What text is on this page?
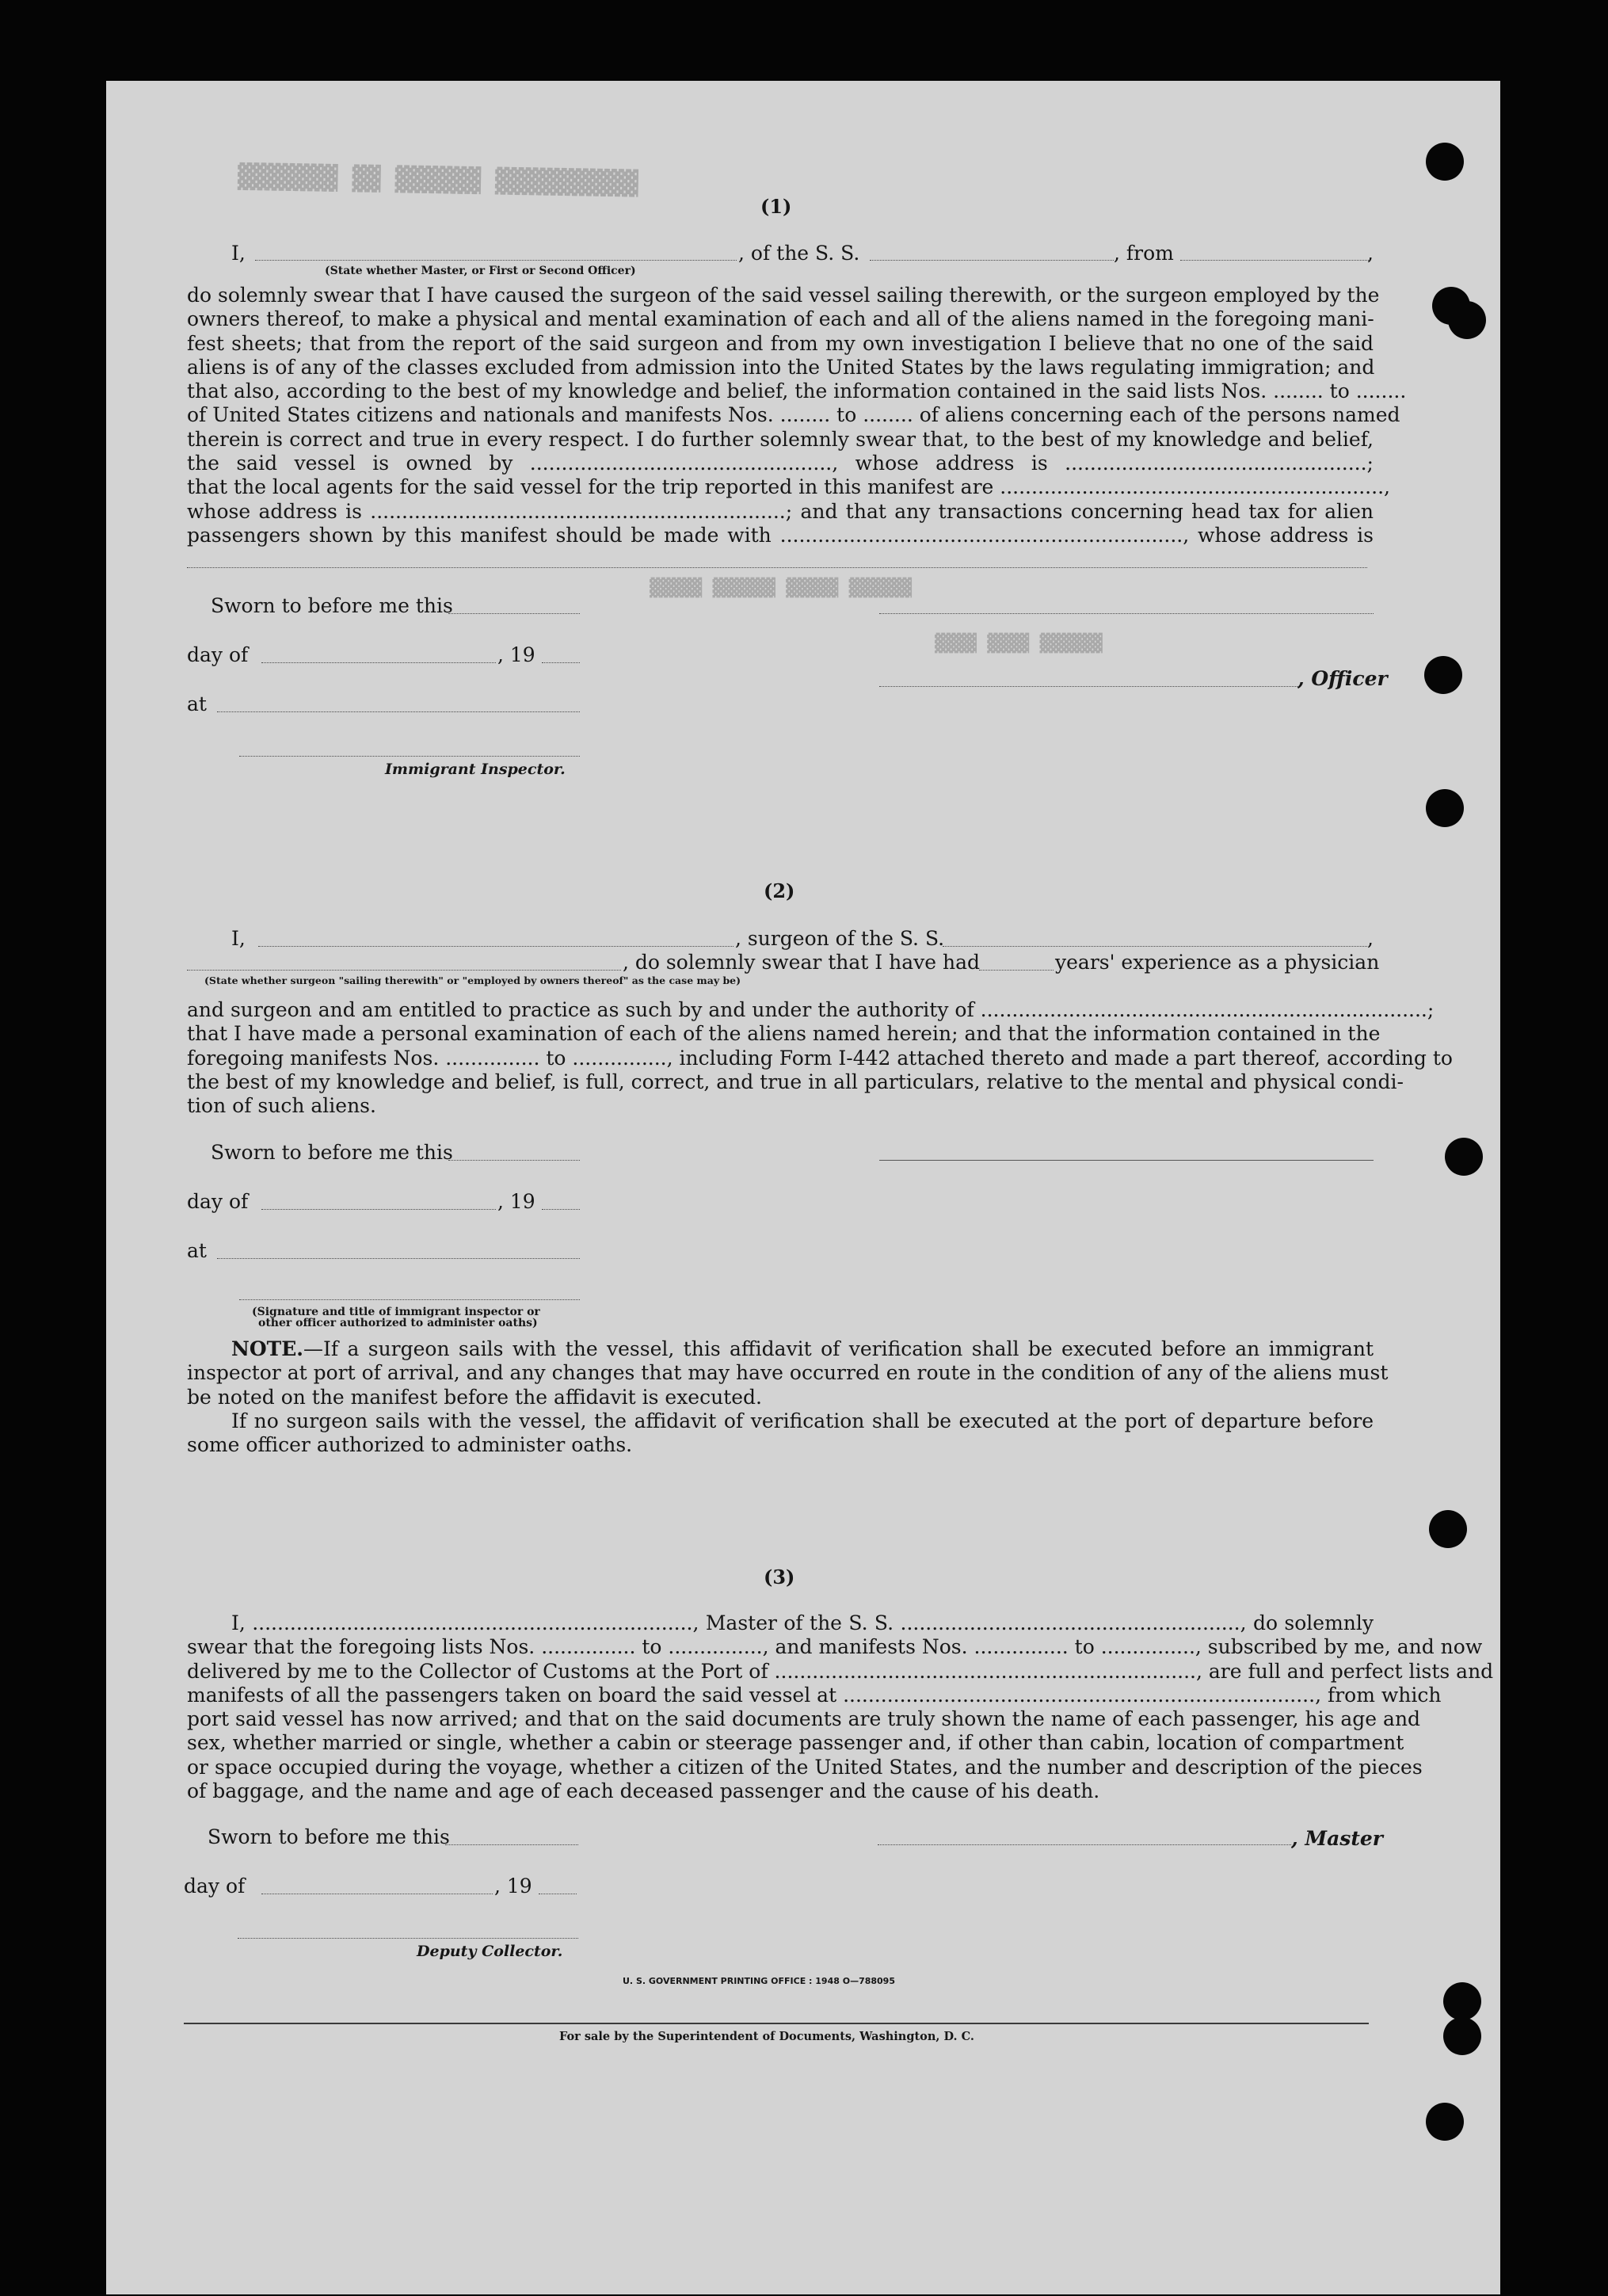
▓▓▓▓▓▓▓ ▓▓ ▓▓▓▓▓▓ ▓▓▓▓▓▓▓▓▓▓
▓▓▓▓▓ ▓▓▓▓▓▓ ▓▓▓▓▓ ▓▓▓▓▓▓
▓▓▓▓ ▓▓▓▓ ▓▓▓▓▓▓
(1)
I,	, of the S. S.	, from	,
(State whether Master, or First or Second Officer)
do solemnly swear that I have caused the surgeon of the said vessel sailing therewith, or the surgeon employed by the
owners thereof, to make a physical and mental examination of each and all of the aliens named in the foregoing mani-
fest sheets; that from the report of the said surgeon and from my own investigation I believe that no one of the said
aliens is of any of the classes excluded from admission into the United States by the laws regulating immigration; and
that also, according to the best of my knowledge and belief, the information contained in the said lists Nos. ........ to ........
of United States citizens and nationals and manifests Nos. ........ to ........ of aliens concerning each of the persons named
therein is correct and true in every respect. I do further solemnly swear that, to the best of my knowledge and belief,
the said vessel is owned by ................................................, whose address is ................................................;
that the local agents for the said vessel for the trip reported in this manifest are .............................................................,
whose address is ..................................................................; and that any transactions concerning head tax for alien
passengers shown by this manifest should be made with ................................................................, whose address is
Sworn to before me this
day of	, 19
, Officer
at
Immigrant Inspector.
(2)
I,	, surgeon of the S. S.	,
, do solemnly swear that I have had	years' experience as a physician
(State whether surgeon "sailing therewith" or "employed by owners thereof" as the case may be)
and surgeon and am entitled to practice as such by and under the authority of .......................................................................;
that I have made a personal examination of each of the aliens named herein; and that the information contained in the
foregoing manifests Nos. ............... to ..............., including Form I-442 attached thereto and made a part thereof, according to
the best of my knowledge and belief, is full, correct, and true in all particulars, relative to the mental and physical condi-
tion of such aliens.
Sworn to before me this
day of	, 19
at
(Signature and title of immigrant inspector or
other officer authorized to administer oaths)
NOTE.—If a surgeon sails with the vessel, this affidavit of verification shall be executed before an immigrant
inspector at port of arrival, and any changes that may have occurred en route in the condition of any of the aliens must
be noted on the manifest before the affidavit is executed.
If no surgeon sails with the vessel, the affidavit of verification shall be executed at the port of departure before
some officer authorized to administer oaths.
(3)
I, ......................................................................, Master of the S. S. ......................................................, do solemnly
swear that the foregoing lists Nos. ............... to ..............., and manifests Nos. ............... to ..............., subscribed by me, and now
delivered by me to the Collector of Customs at the Port of ..................................................................., are full and perfect lists and
manifests of all the passengers taken on board the said vessel at ..........................................................................., from which
port said vessel has now arrived; and that on the said documents are truly shown the name of each passenger, his age and
sex, whether married or single, whether a cabin or steerage passenger and, if other than cabin, location of compartment
or space occupied during the voyage, whether a citizen of the United States, and the number and description of the pieces
of baggage, and the name and age of each deceased passenger and the cause of his death.
Sworn to before me this	, Master
day of	, 19
Deputy Collector.
U. S. GOVERNMENT PRINTING OFFICE : 1948 O—788095
For sale by the Superintendent of Documents, Washington, D. C.
